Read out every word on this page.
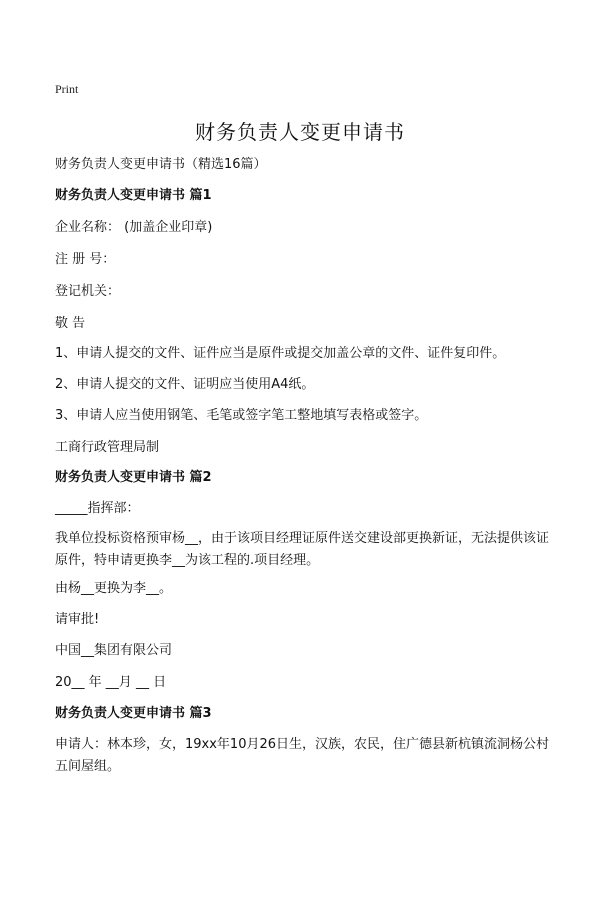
Print
财务负责人变更申请书
财务负责人变更申请书（精选16篇）
财务负责人变更申请书 篇1
企业名称： (加盖企业印章)
注 册 号：
登记机关：
敬 告
1、申请人提交的文件、证件应当是原件或提交加盖公章的文件、证件复印件。
2、申请人提交的文件、证明应当使用A4纸。
3、申请人应当使用钢笔、毛笔或签字笔工整地填写表格或签字。
工商行政管理局制
财务负责人变更申请书 篇2
_____指挥部：
我单位投标资格预审杨__，由于该项目经理证原件送交建设部更换新证，无法提供该证原件，特申请更换李__为该工程的.项目经理。
由杨__更换为李__。
请审批!
中国__集团有限公司
20__ 年 __月 __ 日
财务负责人变更申请书 篇3
申请人：林本珍，女，19xx年10月26日生，汉族，农民，住广德县新杭镇流洞杨公村五间屋组。
